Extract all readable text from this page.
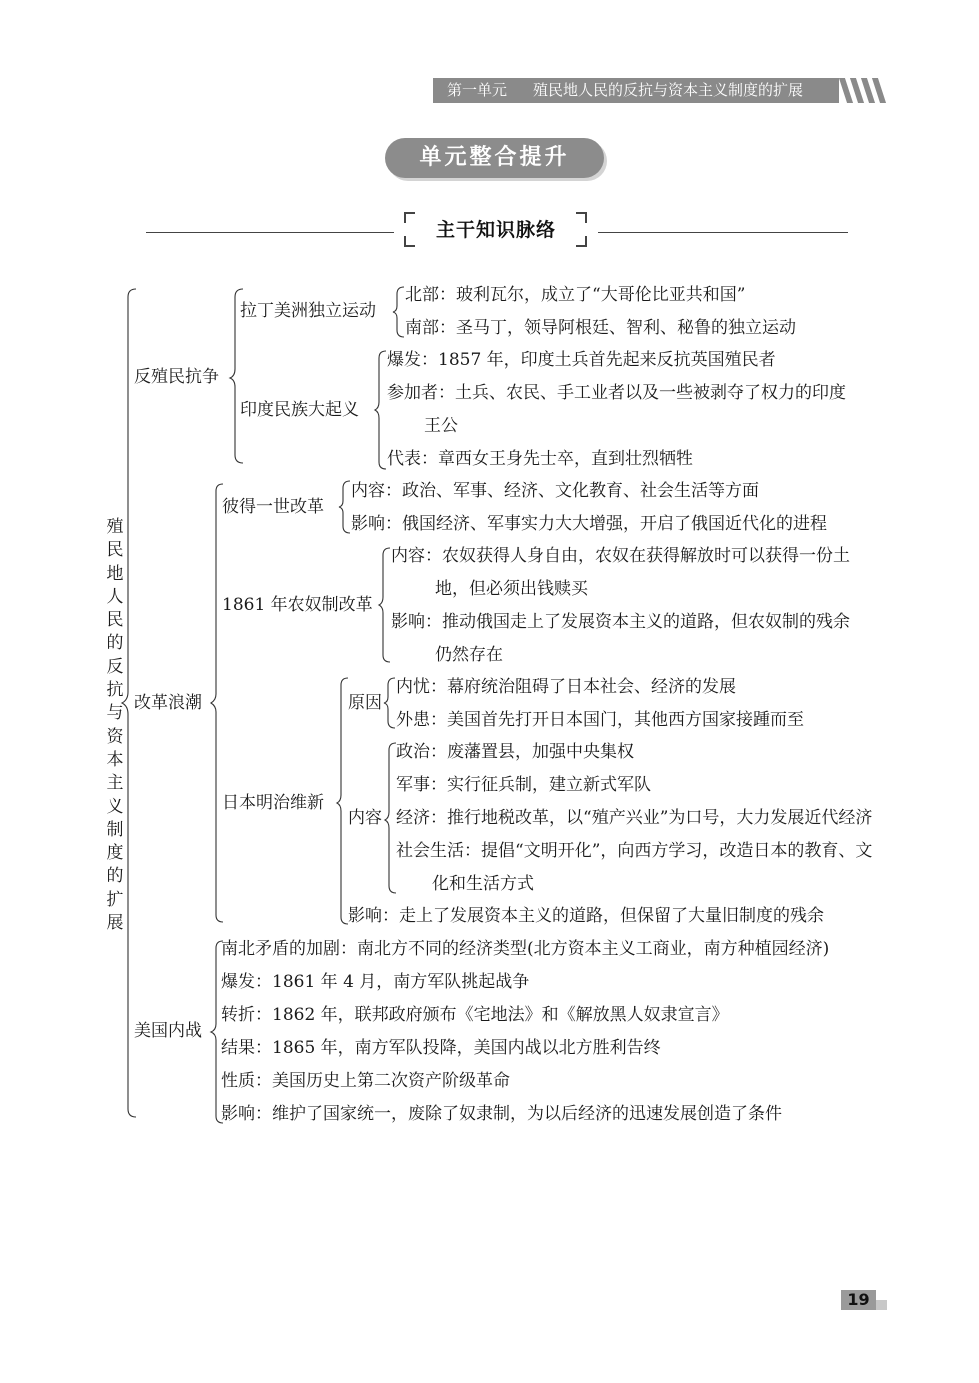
第一单元 殖民地人民的反抗与资本主义制度的扩展
单元整合提升
主干知识脉络
殖民地人民的反抗与资本主义制度的扩展
反殖民抗争
改革浪潮
美国内战
拉丁美洲独立运动
北部：玻利瓦尔，成立了“大哥伦比亚共和国”
南部：圣马丁，领导阿根廷、智利、秘鲁的独立运动
印度民族大起义
爆发：1857 年，印度土兵首先起来反抗英国殖民者
参加者：土兵、农民、手工业者以及一些被剥夺了权力的印度
王公
代表：章西女王身先士卒，直到壮烈牺牲
彼得一世改革
内容：政治、军事、经济、文化教育、社会生活等方面
影响：俄国经济、军事实力大大增强，开启了俄国近代化的进程
1861 年农奴制改革
内容：农奴获得人身自由，农奴在获得解放时可以获得一份土
地，但必须出钱赎买
影响：推动俄国走上了发展资本主义的道路，但农奴制的残余
仍然存在
日本明治维新
原因
内忧：幕府统治阻碍了日本社会、经济的发展
外患：美国首先打开日本国门，其他西方国家接踵而至
内容
政治：废藩置县，加强中央集权
军事：实行征兵制，建立新式军队
经济：推行地税改革，以“殖产兴业”为口号，大力发展近代经济
社会生活：提倡“文明开化”，向西方学习，改造日本的教育、文
化和生活方式
影响：走上了发展资本主义的道路，但保留了大量旧制度的残余
南北矛盾的加剧：南北方不同的经济类型(北方资本主义工商业，南方种植园经济)
爆发：1861 年 4 月，南方军队挑起战争
转折：1862 年，联邦政府颁布《宅地法》和《解放黑人奴隶宣言》
结果：1865 年，南方军队投降，美国内战以北方胜利告终
性质：美国历史上第二次资产阶级革命
影响：维护了国家统一，废除了奴隶制，为以后经济的迅速发展创造了条件
19
